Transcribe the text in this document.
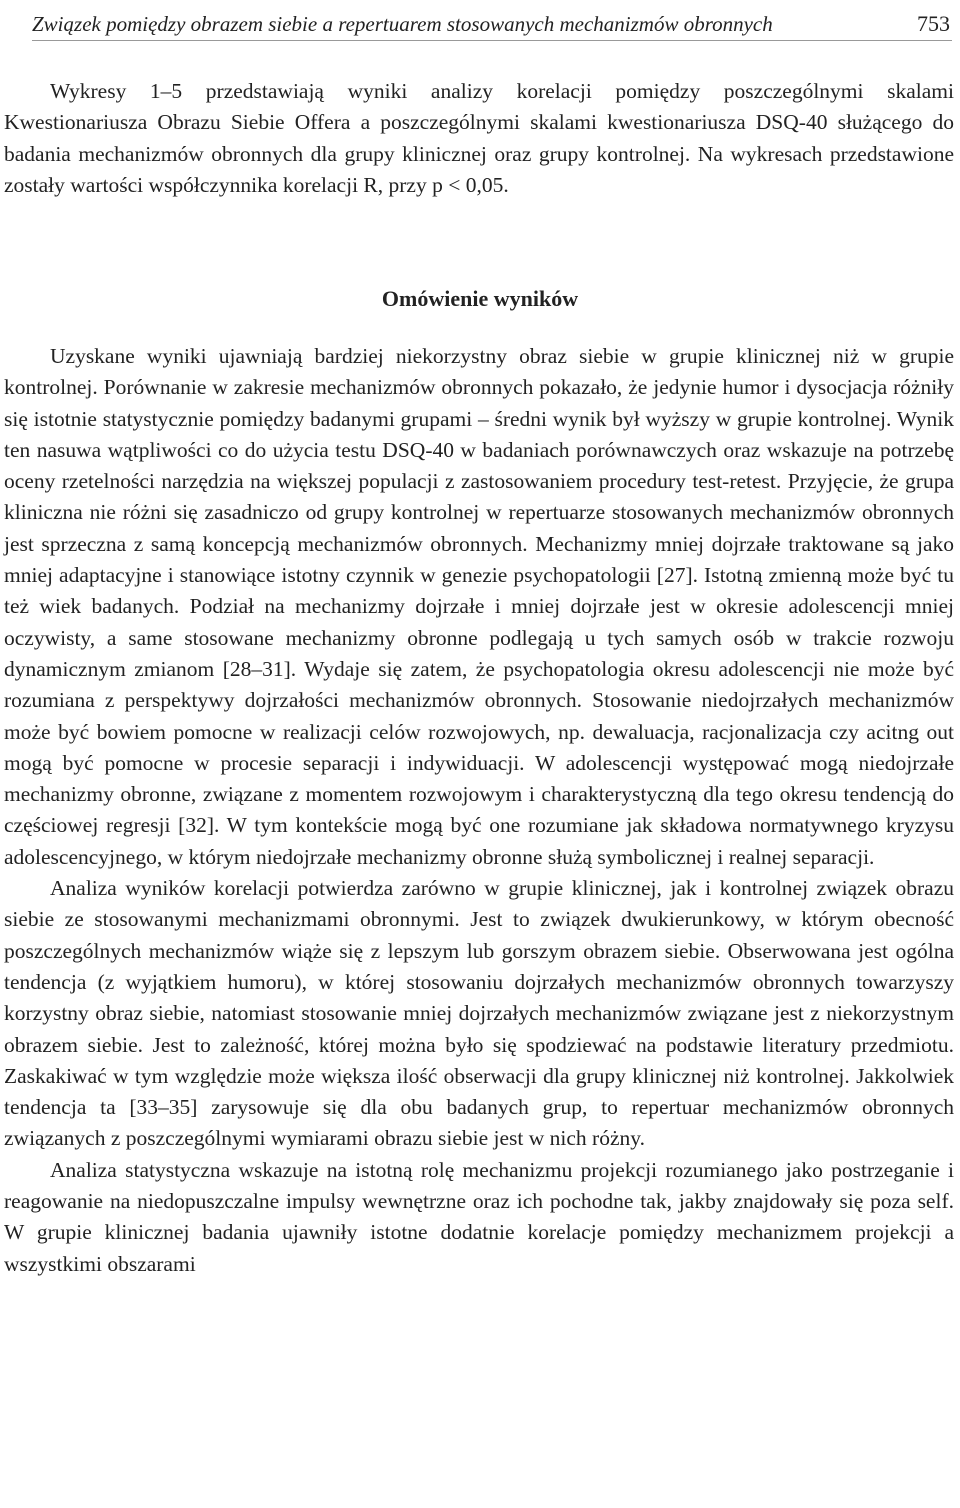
Związek pomiędzy obrazem siebie a repertuarem stosowanych mechanizmów obronnych	753

Wykresy 1–5 przedstawiają wyniki analizy korelacji pomiędzy poszczególnymi skalami Kwestionariusza Obrazu Siebie Offera a poszczególnymi skalami kwestionariusza DSQ-40 służącego do badania mechanizmów obronnych dla grupy klinicznej oraz grupy kontrolnej. Na wykresach przedstawione zostały wartości współczynnika korelacji R, przy p < 0,05.

Omówienie wyników

Uzyskane wyniki ujawniają bardziej niekorzystny obraz siebie w grupie klinicznej niż w grupie kontrolnej. Porównanie w zakresie mechanizmów obronnych pokazało, że jedynie humor i dysocjacja różniły się istotnie statystycznie pomiędzy badanymi grupami – średni wynik był wyższy w grupie kontrolnej. Wynik ten nasuwa wątpliwości co do użycia testu DSQ-40 w badaniach porównawczych oraz wskazuje na potrzebę oceny rzetelności narzędzia na większej populacji z zastosowaniem procedury test-retest. Przyjęcie, że grupa kliniczna nie różni się zasadniczo od grupy kontrolnej w repertuarze stosowanych mechanizmów obronnych jest sprzeczna z samą koncepcją mechanizmów obronnych. Mechanizmy mniej dojrzałe traktowane są jako mniej adaptacyjne i stanowiące istotny czynnik w genezie psychopatologii [27]. Istotną zmienną może być tu też wiek badanych. Podział na mechanizmy dojrzałe i mniej dojrzałe jest w okresie adolescencji mniej oczywisty, a same stosowane mechanizmy obronne podlegają u tych samych osób w trakcie rozwoju dynamicznym zmianom [28–31]. Wydaje się zatem, że psychopatologia okresu adolescencji nie może być rozumiana z perspektywy dojrzałości mechanizmów obronnych. Stosowanie niedojrzałych mechanizmów może być bowiem pomocne w realizacji celów rozwojowych, np. dewaluacja, racjonalizacja czy acitng out mogą być pomocne w procesie separacji i indywiduacji. W adolescencji występować mogą niedojrzałe mechanizmy obronne, związane z momentem rozwojowym i charakterystyczną dla tego okresu tendencją do częściowej regresji [32]. W tym kontekście mogą być one rozumiane jak składowa normatywnego kryzysu adolescencyjnego, w którym niedojrzałe mechanizmy obronne służą symbolicznej i realnej separacji.

Analiza wyników korelacji potwierdza zarówno w grupie klinicznej, jak i kontrolnej związek obrazu siebie ze stosowanymi mechanizmami obronnymi. Jest to związek dwukierunkowy, w którym obecność poszczególnych mechanizmów wiąże się z lepszym lub gorszym obrazem siebie. Obserwowana jest ogólna tendencja (z wyjątkiem humoru), w której stosowaniu dojrzałych mechanizmów obronnych towarzyszy korzystny obraz siebie, natomiast stosowanie mniej dojrzałych mechanizmów związane jest z niekorzystnym obrazem siebie. Jest to zależność, której można było się spodziewać na podstawie literatury przedmiotu. Zaskakiwać w tym względzie może większa ilość obserwacji dla grupy klinicznej niż kontrolnej. Jakkolwiek tendencja ta [33–35] zarysowuje się dla obu badanych grup, to repertuar mechanizmów obronnych związanych z poszczególnymi wymiarami obrazu siebie jest w nich różny.

Analiza statystyczna wskazuje na istotną rolę mechanizmu projekcji rozumianego jako postrzeganie i reagowanie na niedopuszczalne impulsy wewnętrzne oraz ich pochodne tak, jakby znajdowały się poza self. W grupie klinicznej badania ujawniły istotne dodatnie korelacje pomiędzy mechanizmem projekcji a wszystkimi obszarami
